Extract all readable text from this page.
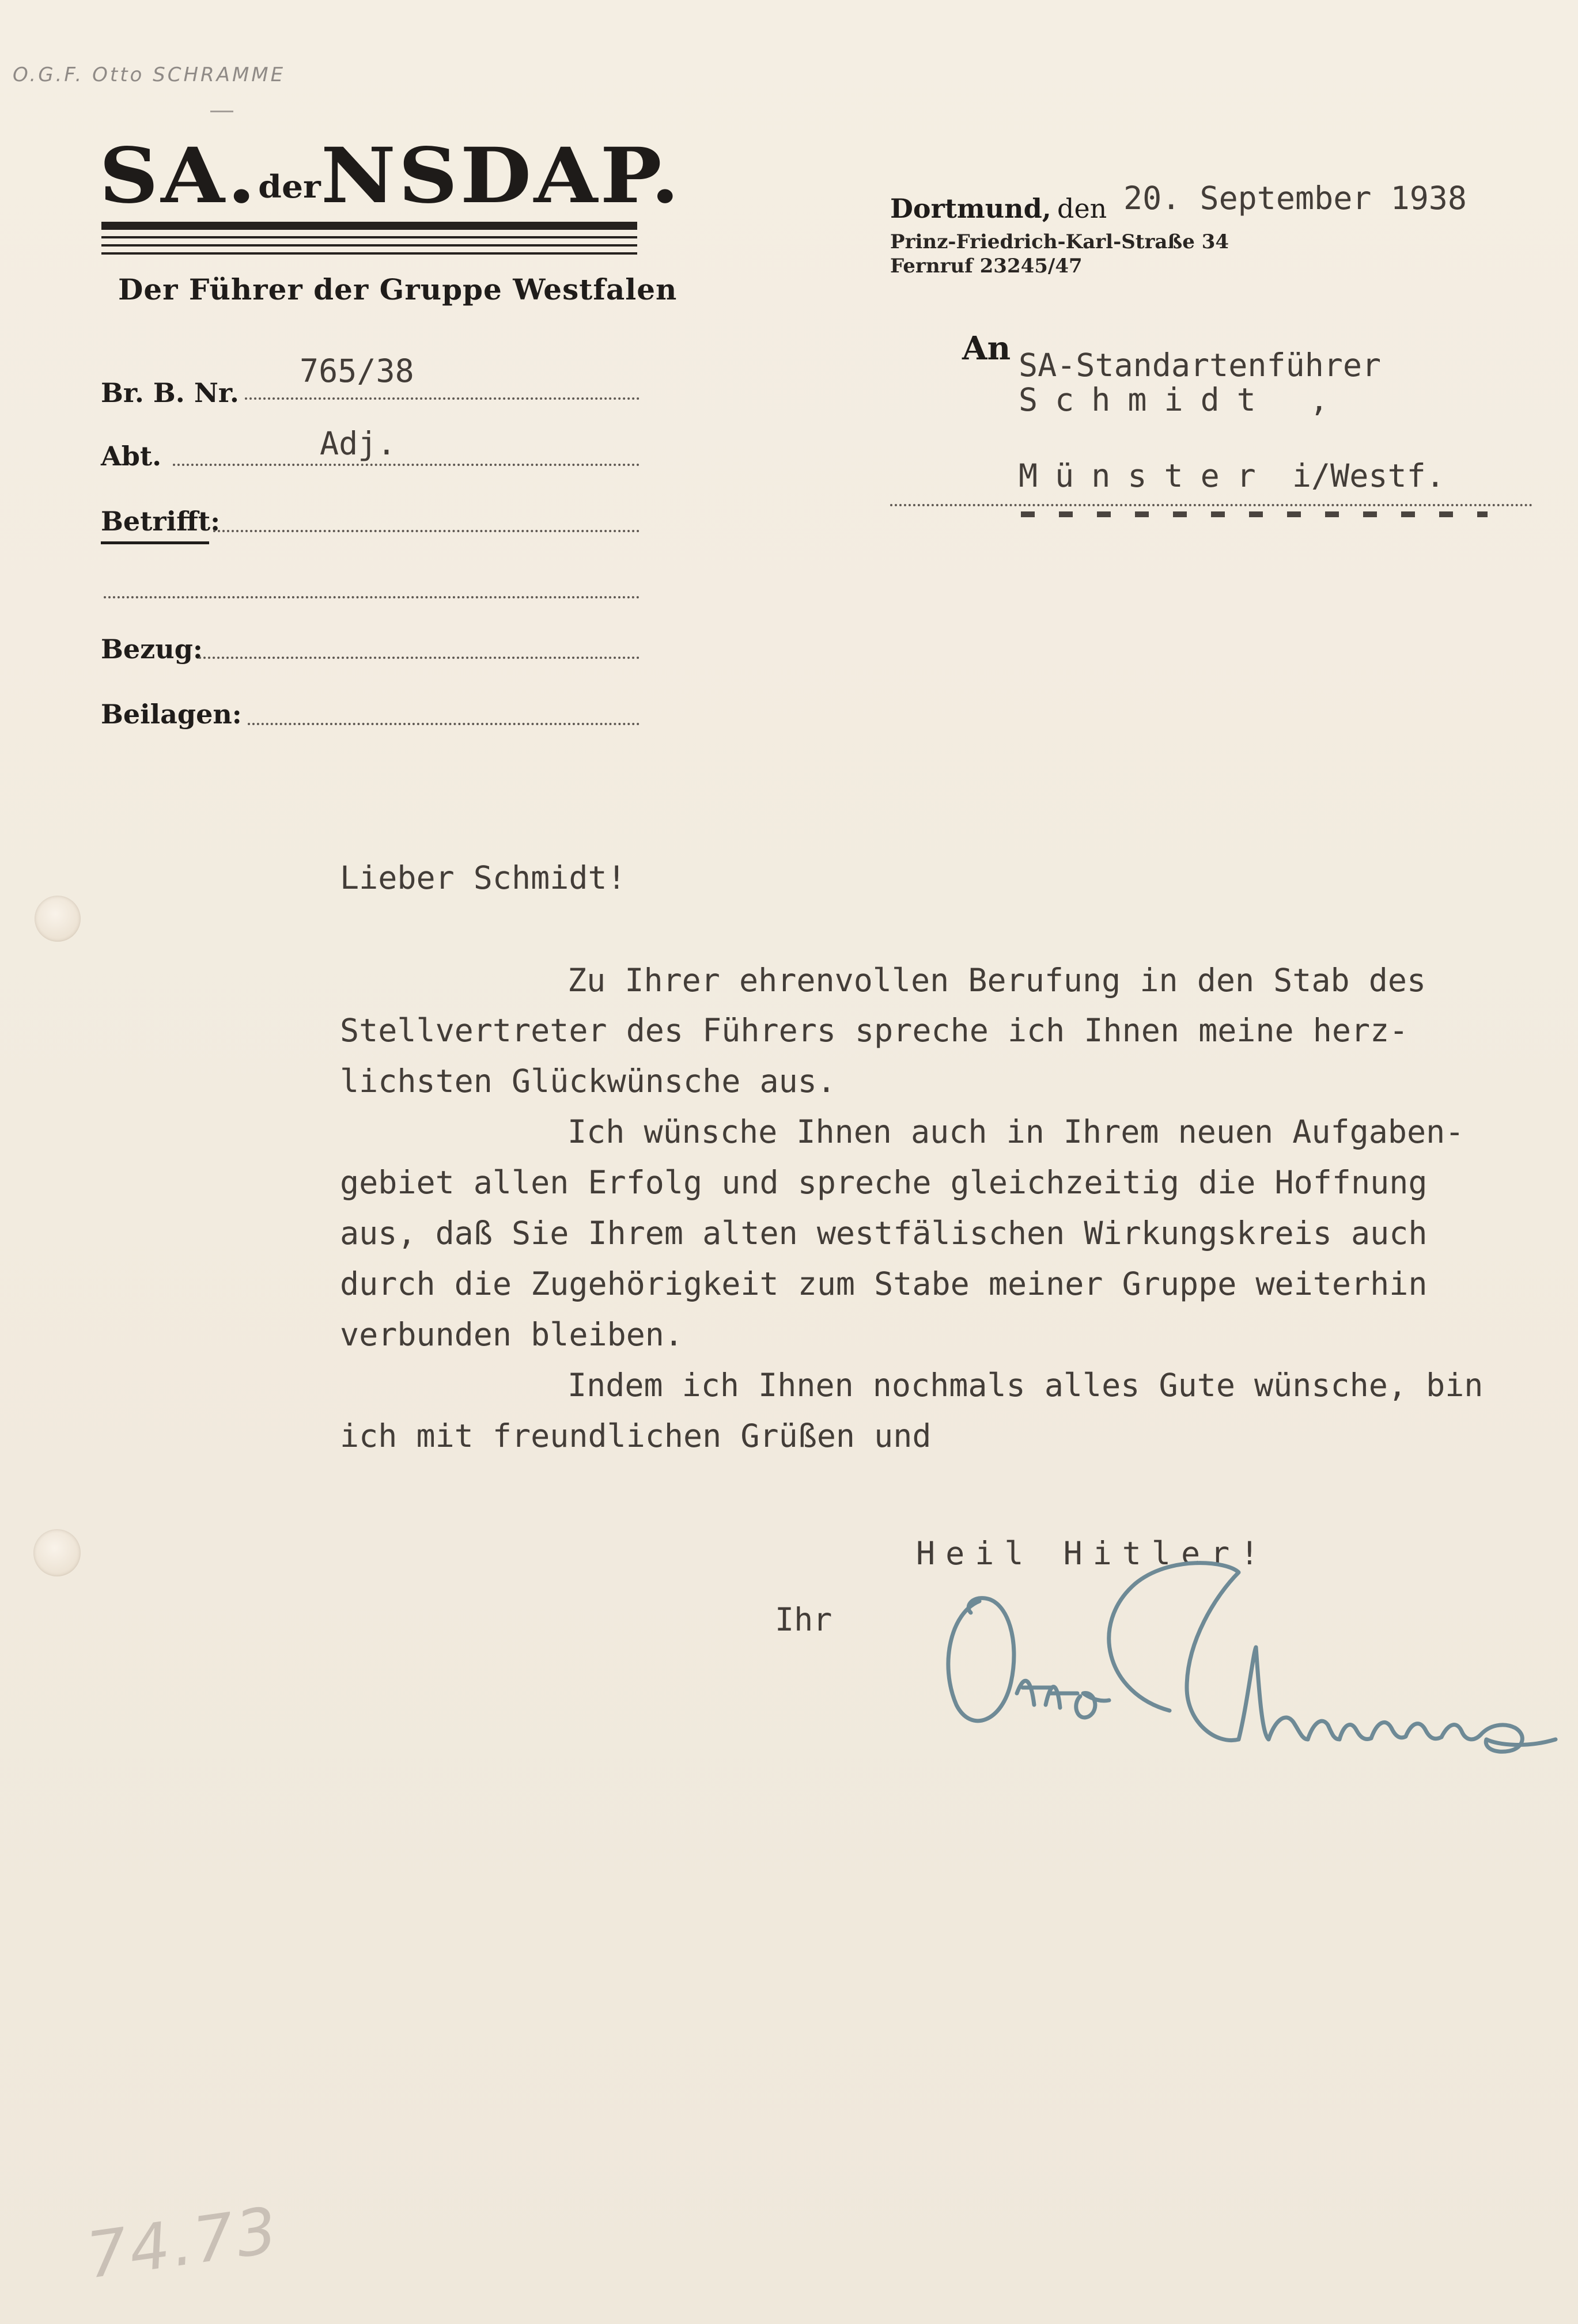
O.G.F. Otto SCHRAMME
SA.derNSDAP.
Der Führer der Gruppe Westfalen
Br. B. Nr.
765/38
Abt.	Adj.
Betrifft:
Bezug:
Beilagen:
Dortmund, den 20. September 1938
Prinz-Friedrich-Karl-Straße 34
Fernruf 23245/47
An SA-Standartenführer
Schmidt ,
Münster i/Westf.
Lieber Schmidt!
Zu Ihrer ehrenvollen Berufung in den Stab des
Stellvertreter des Führers spreche ich Ihnen meine herz-
lichsten Glückwünsche aus.
Ich wünsche Ihnen auch in Ihrem neuen Aufgaben-
gebiet allen Erfolg und spreche gleichzeitig die Hoffnung
aus, daß Sie Ihrem alten westfälischen Wirkungskreis auch
durch die Zugehörigkeit zum Stabe meiner Gruppe weiterhin
verbunden bleiben.
Indem ich Ihnen nochmals alles Gute wünsche, bin
ich mit freundlichen Grüßen und
Heil Hitler!
Ihr
74.73
